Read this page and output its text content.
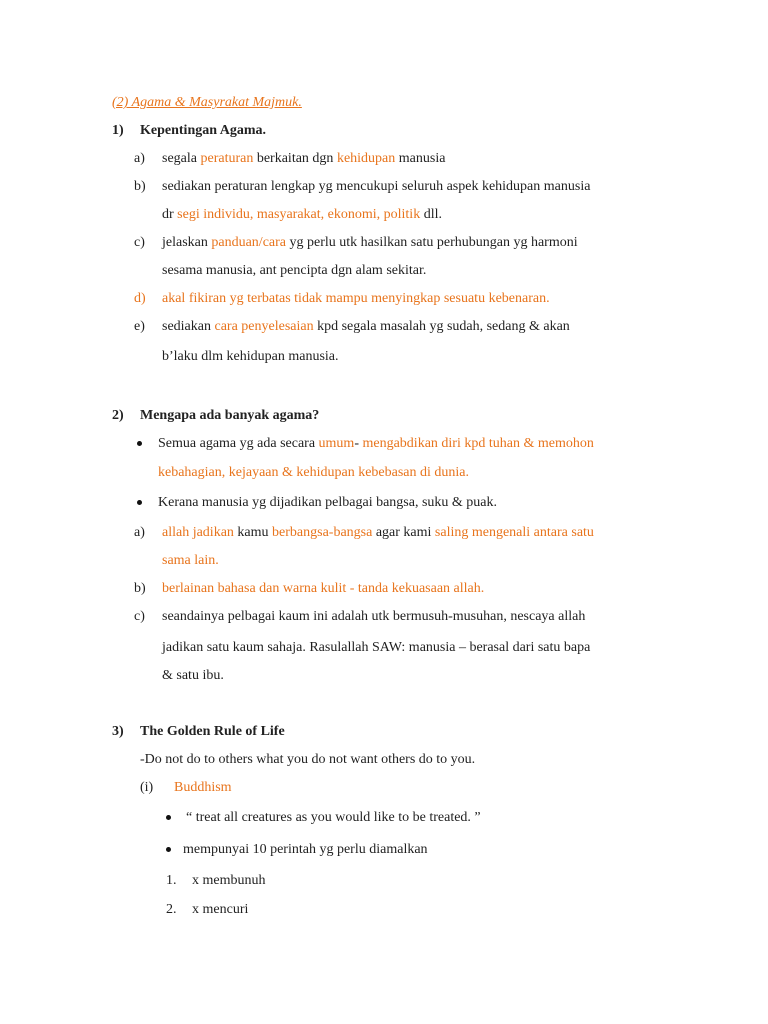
(2) Agama & Masyrakat Majmuk.
1) Kepentingan Agama.
a) segala peraturan berkaitan dgn kehidupan manusia
b) sediakan peraturan lengkap yg mencukupi seluruh aspek kehidupan manusia
dr segi individu, masyarakat, ekonomi, politik dll.
c) jelaskan panduan/cara yg perlu utk hasilkan satu perhubungan yg harmoni
sesama manusia, ant pencipta dgn alam sekitar.
d) akal fikiran yg terbatas tidak mampu menyingkap sesuatu kebenaran.
e) sediakan cara penyelesaian kpd segala masalah yg sudah, sedang & akan
b’laku dlm kehidupan manusia.
2) Mengapa ada banyak agama?
Semua agama yg ada secara umum- mengabdikan diri kpd tuhan & memohon
kebahagian, kejayaan & kehidupan kebebasan di dunia.
Kerana manusia yg dijadikan pelbagai bangsa, suku & puak.
a) allah jadikan kamu berbangsa-bangsa agar kami saling mengenali antara satu
sama lain.
b) berlainan bahasa dan warna kulit - tanda kekuasaan allah.
c) seandainya pelbagai kaum ini adalah utk bermusuh-musuhan, nescaya allah
jadikan satu kaum sahaja. Rasulallah SAW: manusia – berasal dari satu bapa
& satu ibu.
3) The Golden Rule of Life
-Do not do to others what you do not want others do to you.
(i) Buddhism
“ treat all creatures as you would like to be treated. ”
mempunyai 10 perintah yg perlu diamalkan
1. x membunuh
2. x mencuri
